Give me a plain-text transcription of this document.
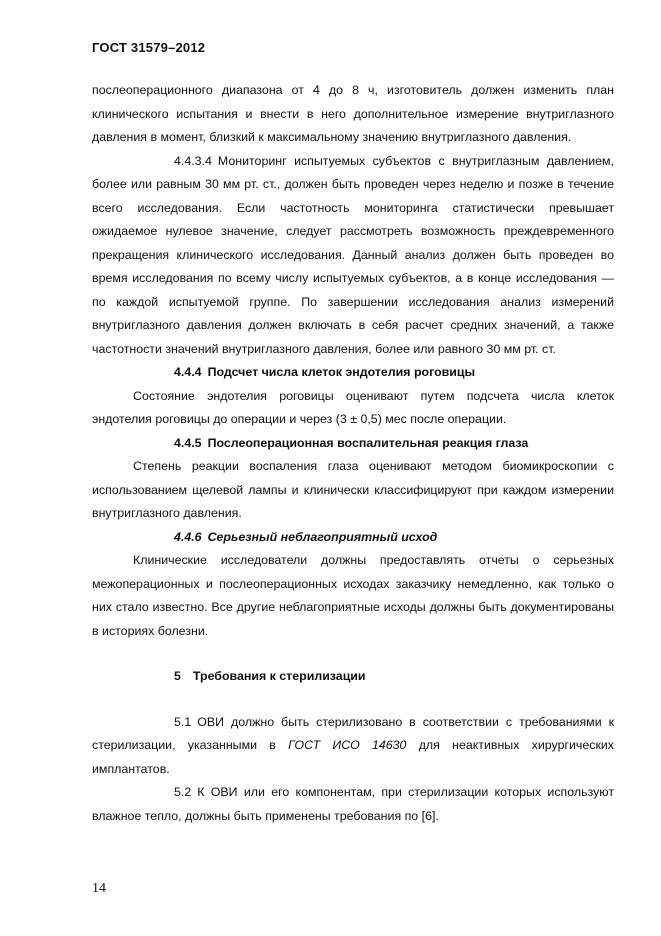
ГОСТ 31579–2012

послеоперационного диапазона от 4 до 8 ч, изготовитель должен изменить план клинического испытания и внести в него дополнительное измерение внутриглазного давления в момент, близкий к максимальному значению внутриглазного давления.

4.4.3.4 Мониторинг испытуемых субъектов с внутриглазным давлением, более или равным 30 мм рт. ст., должен быть проведен через неделю и позже в течение всего исследования. Если частотность мониторинга статистически превышает ожидаемое нулевое значение, следует рассмотреть возможность преждевременного прекращения клинического исследования. Данный анализ должен быть проведен во время исследования по всему числу испытуемых субъектов, а в конце исследования — по каждой испытуемой группе. По завершении исследования анализ измерений внутриглазного давления должен включать в себя расчет средних значений, а также частотности значений внутриглазного давления, более или равного 30 мм рт. ст.

4.4.4 Подсчет числа клеток эндотелия роговицы

Состояние эндотелия роговицы оценивают путем подсчета числа клеток эндотелия роговицы до операции и через (3 ± 0,5) мес после операции.

4.4.5 Послеоперационная воспалительная реакция глаза

Степень реакции воспаления глаза оценивают методом биомикроскопии с использованием щелевой лампы и клинически классифицируют при каждом измерении внутриглазного давления.

4.4.6 Серьезный неблагоприятный исход

Клинические исследователи должны предоставлять отчеты о серьезных межоперационных и послеоперационных исходах заказчику немедленно, как только о них стало известно. Все другие неблагоприятные исходы должны быть документированы в историях болезни.

5 Требования к стерилизации

5.1 ОВИ должно быть стерилизовано в соответствии с требованиями к стерилизации, указанными в ГОСТ ИСО 14630 для неактивных хирургических имплантатов.

5.2 К ОВИ или его компонентам, при стерилизации которых используют влажное тепло, должны быть применены требования по [6].

14
